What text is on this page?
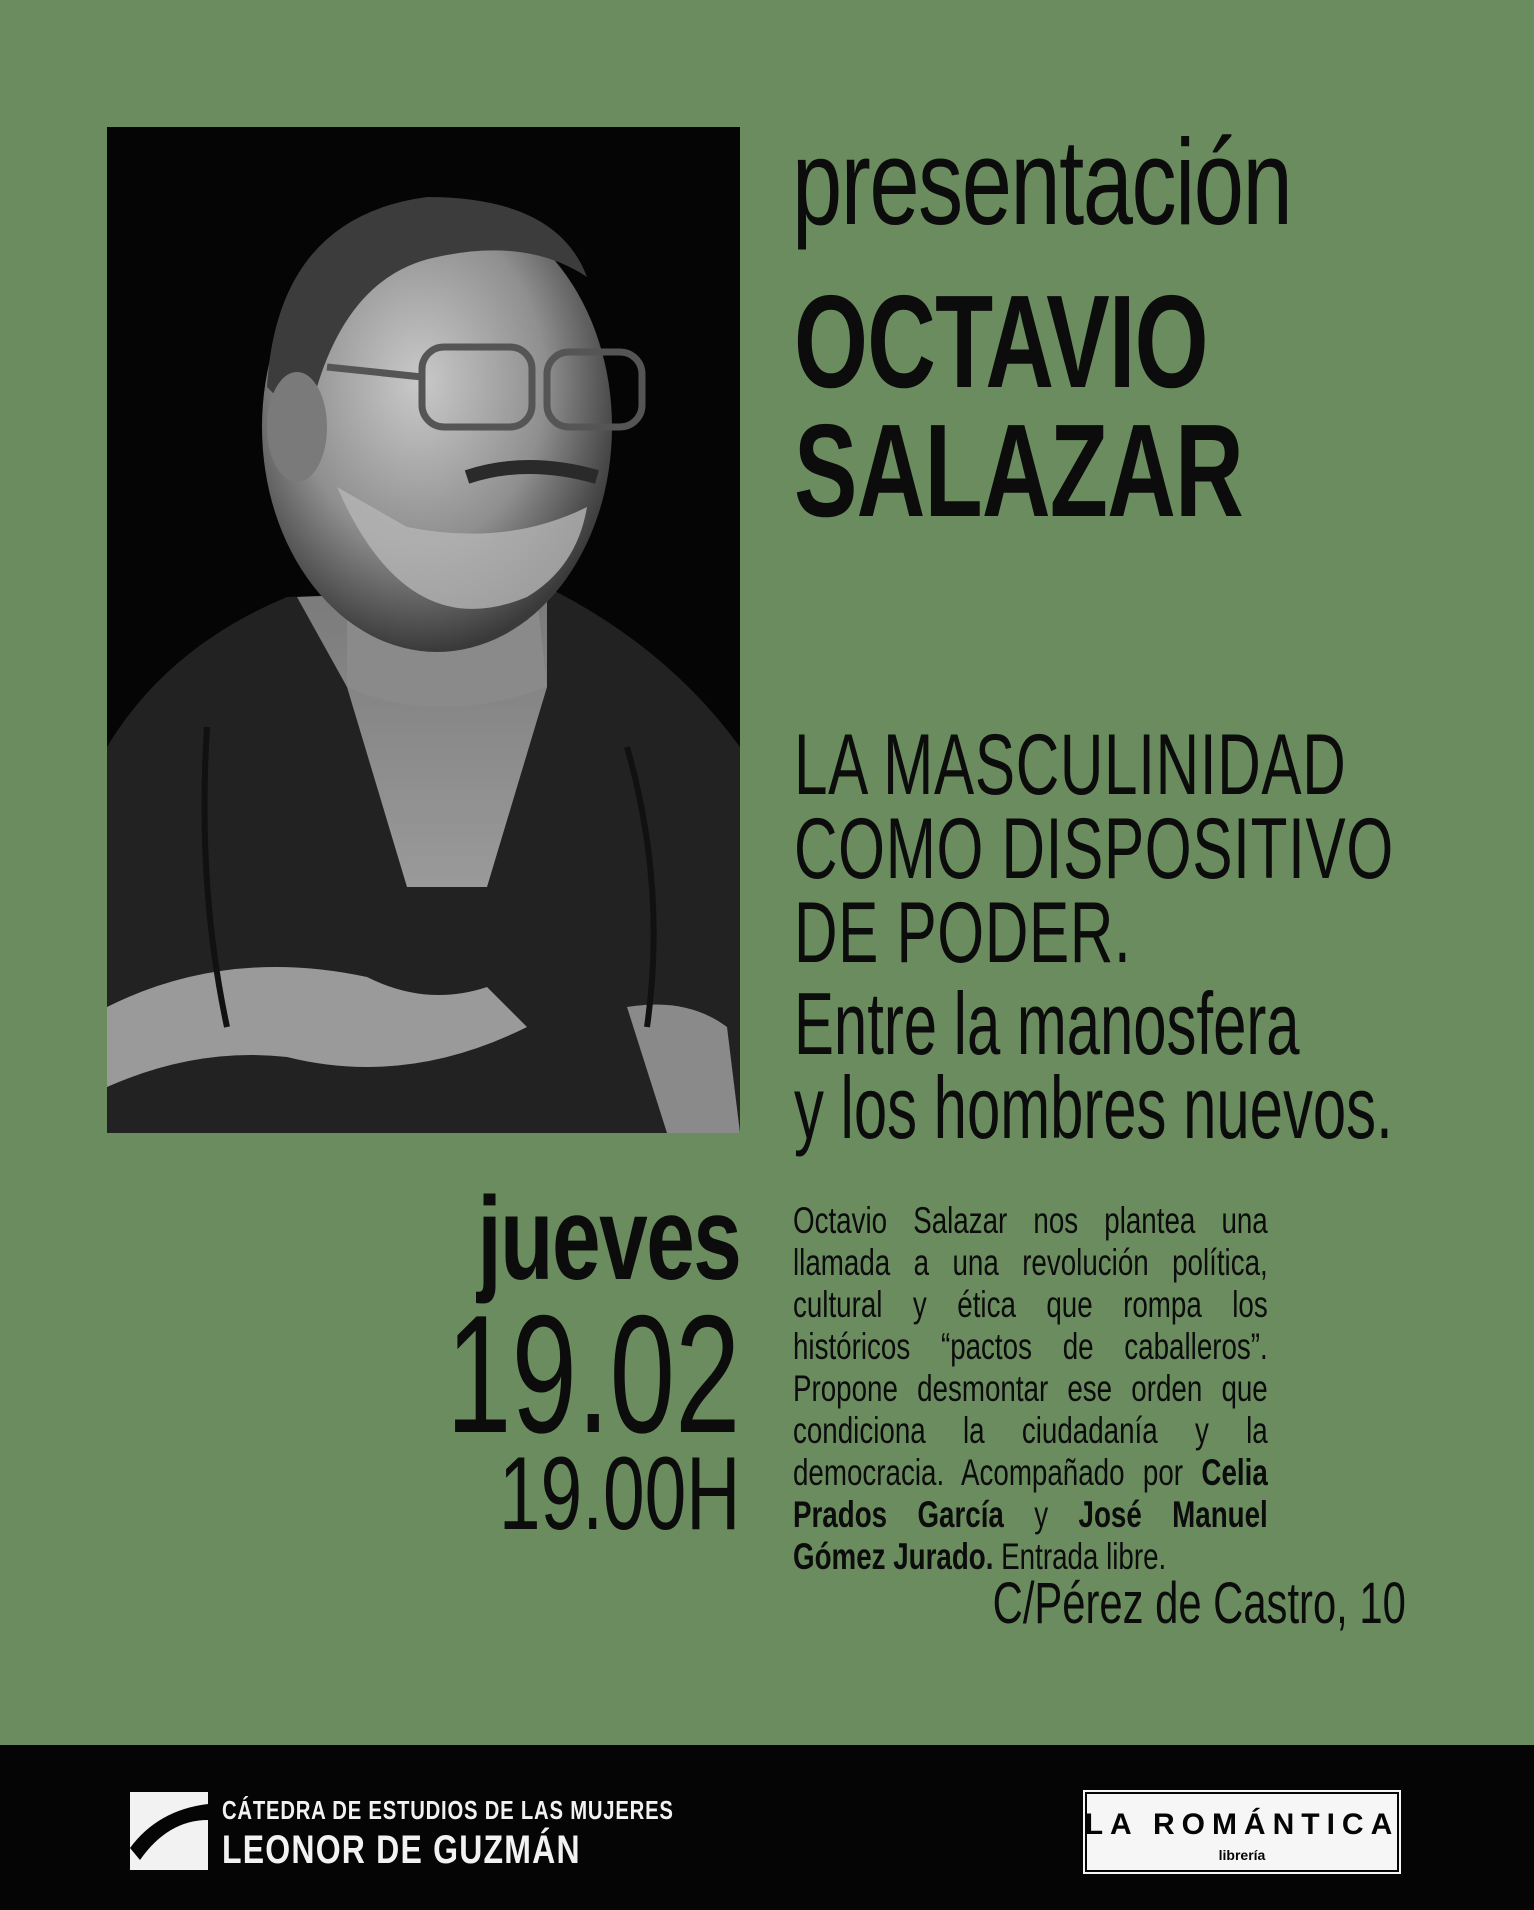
presentación
OCTAVIO
SALAZAR
LA MASCULINIDAD
COMO DISPOSITIVO
DE PODER.
Entre la manosfera
y los hombres nuevos.
jueves
19.02
19.00H
Octavio Salazar nos plantea una llamada a una revolución política, cultural y ética que rompa los históricos “pactos de caballeros”. Propone desmontar ese orden que condiciona la ciudadanía y la democracia. Acompañado por Celia Prados García y José Manuel Gómez Jurado. Entrada libre.
C/Pérez de Castro, 10
CÁTEDRA DE ESTUDIOS DE LAS MUJERES
LEONOR DE GUZMÁN
LA ROMÁNTICA
librería
